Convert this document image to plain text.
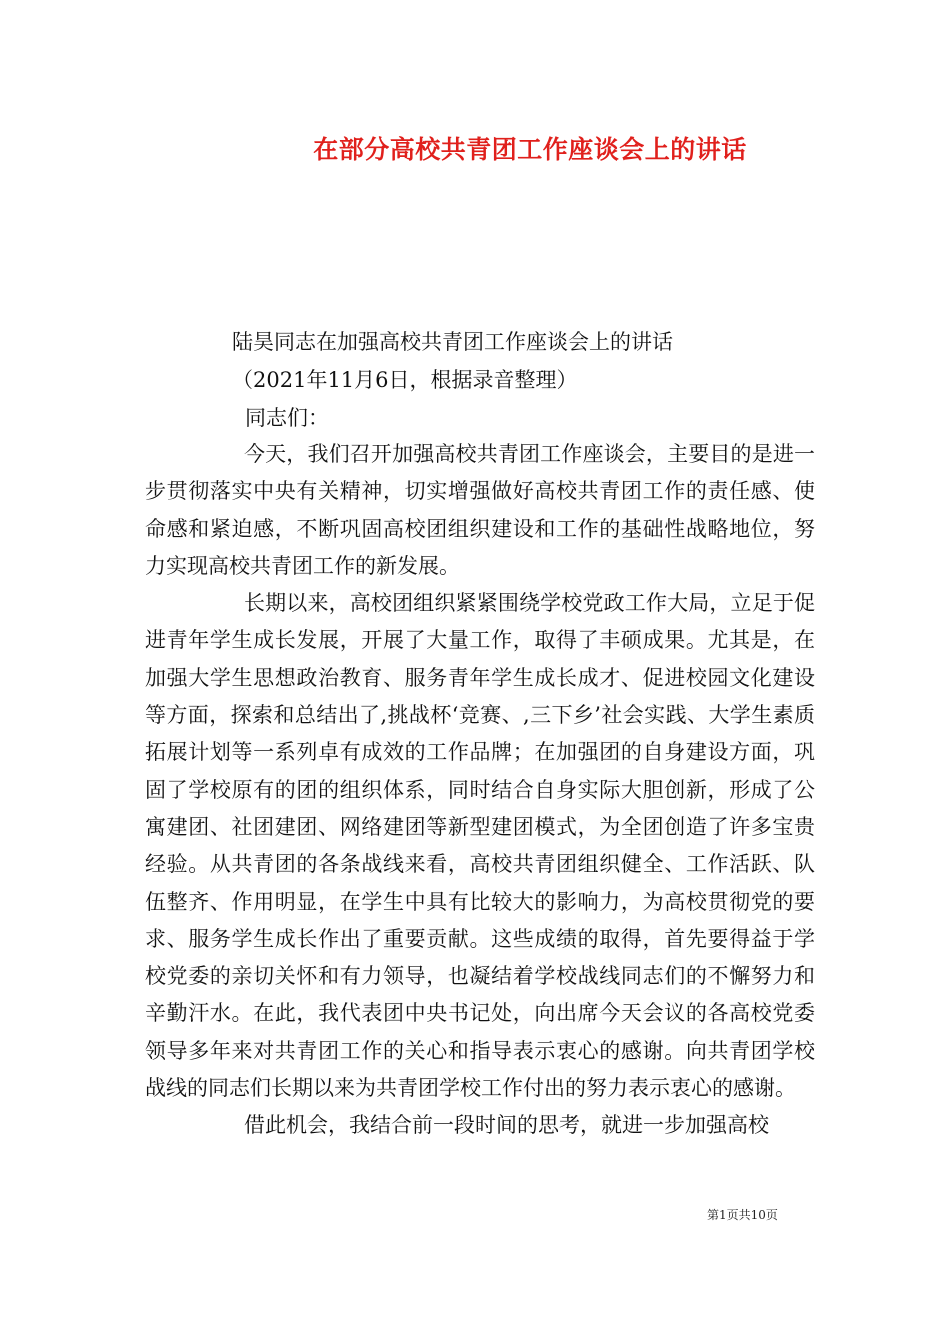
在部分高校共青团工作座谈会上的讲话
陆昊同志在加强高校共青团工作座谈会上的讲话
（2021年11月6日，根据录音整理）
同志们：

今天，我们召开加强高校共青团工作座谈会，主要目的是进一步贯彻落实中央有关精神，切实增强做好高校共青团工作的责任感、使命感和紧迫感，不断巩固高校团组织建设和工作的基础性战略地位，努力实现高校共青团工作的新发展。

长期以来，高校团组织紧紧围绕学校党政工作大局，立足于促进青年学生成长发展，开展了大量工作，取得了丰硕成果。尤其是，在加强大学生思想政治教育、服务青年学生成长成才、促进校园文化建设等方面，探索和总结出了,挑战杯‘竞赛、,三下乡’社会实践、大学生素质拓展计划等一系列卓有成效的工作品牌；在加强团的自身建设方面，巩固了学校原有的团的组织体系，同时结合自身实际大胆创新，形成了公寓建团、社团建团、网络建团等新型建团模式，为全团创造了许多宝贵经验。从共青团的各条战线来看，高校共青团组织健全、工作活跃、队伍整齐、作用明显，在学生中具有比较大的影响力，为高校贯彻党的要求、服务学生成长作出了重要贡献。这些成绩的取得，首先要得益于学校党委的亲切关怀和有力领导，也凝结着学校战线同志们的不懈努力和辛勤汗水。在此，我代表团中央书记处，向出席今天会议的各高校党委领导多年来对共青团工作的关心和指导表示衷心的感谢。向共青团学校战线的同志们长期以来为共青团学校工作付出的努力表示衷心的感谢。

借此机会，我结合前一段时间的思考，就进一步加强高校

第1页共10页
